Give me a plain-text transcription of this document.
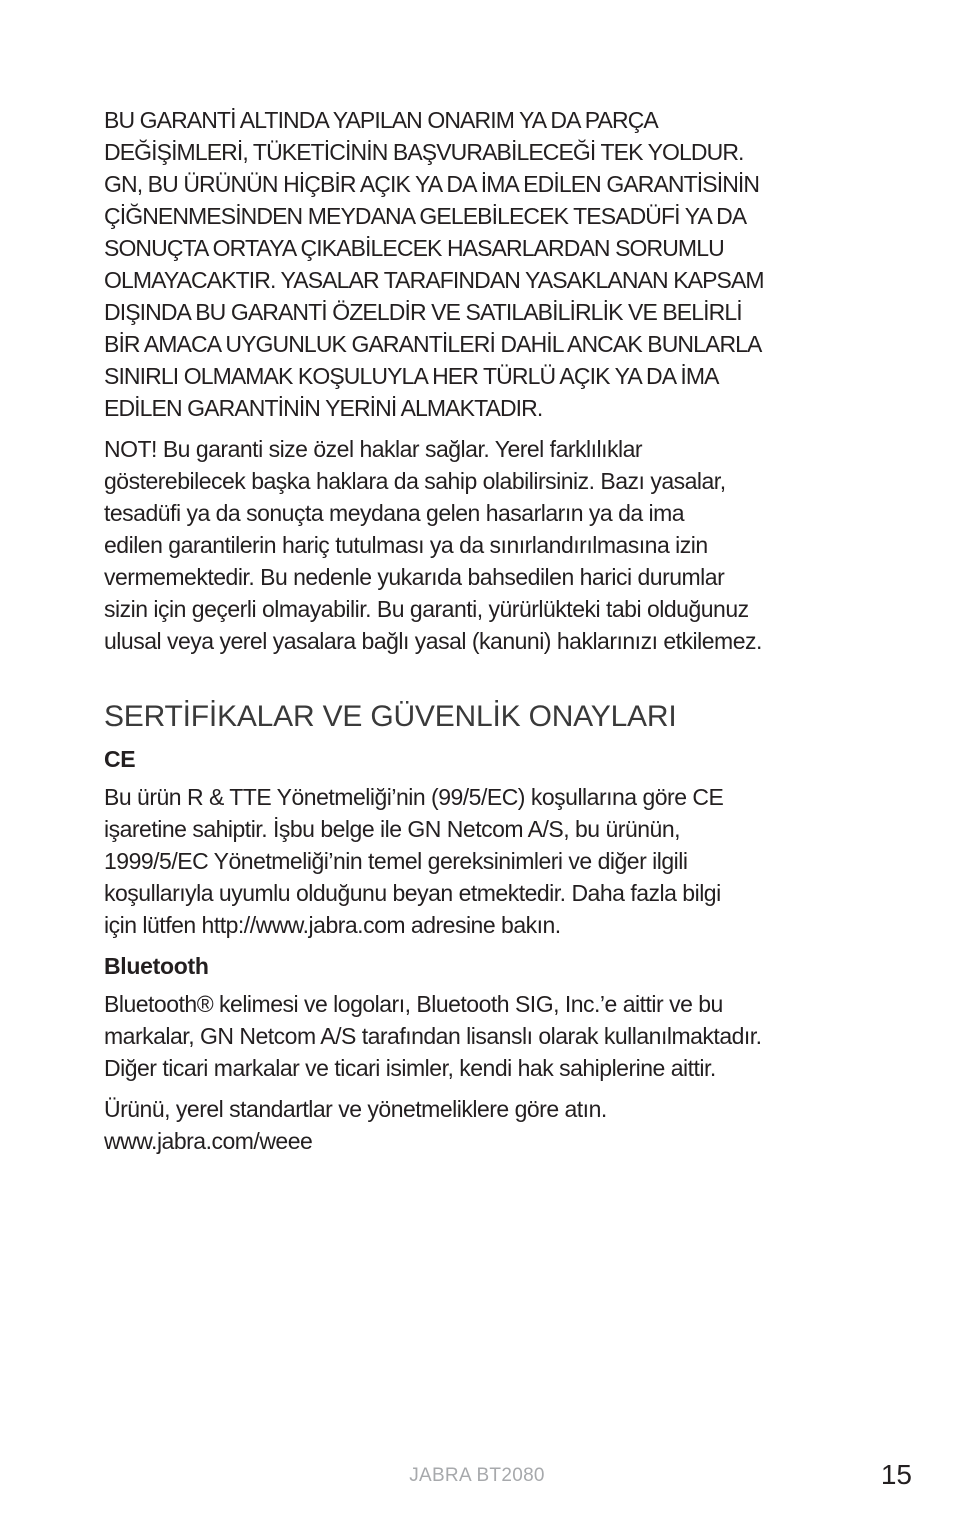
BU GARANTİ ALTINDA YAPILAN ONARIM YA DA PARÇA
DEĞİŞİMLERİ, TÜKETİCİNİN BAŞVURABİLECEĞİ TEK YOLDUR.
GN, BU ÜRÜNÜN HİÇBİR AÇIK YA DA İMA EDİLEN GARANTİSİNİN
ÇİĞNENMESİNDEN MEYDANA GELEBİLECEK TESADÜFİ YA DA
SONUÇTA ORTAYA ÇIKABİLECEK HASARLARDAN SORUMLU
OLMAYACAKTIR. YASALAR TARAFINDAN YASAKLANAN KAPSAM
DIŞINDA BU GARANTİ ÖZELDİR VE SATILABİLİRLİK VE BELİRLİ
BİR AMACA UYGUNLUK GARANTİLERİ DAHİL ANCAK BUNLARLA
SINIRLI OLMAMAK KOŞULUYLA HER TÜRLÜ AÇIK YA DA İMA
EDİLEN GARANTİNİN YERİNİ ALMAKTADIR.

NOT! Bu garanti size özel haklar sağlar. Yerel farklılıklar
gösterebilecek başka haklara da sahip olabilirsiniz. Bazı yasalar,
tesadüfi ya da sonuçta meydana gelen hasarların ya da ima
edilen garantilerin hariç tutulması ya da sınırlandırılmasına izin
vermemektedir. Bu nedenle yukarıda bahsedilen harici durumlar
sizin için geçerli olmayabilir. Bu garanti, yürürlükteki tabi olduğunuz
ulusal veya yerel yasalara bağlı yasal (kanuni) haklarınızı etkilemez.

SERTİFİKALAR VE GÜVENLİK ONAYLARI
CE

Bu ürün R & TTE Yönetmeliği’nin (99/5/EC) koşullarına göre CE
işaretine sahiptir. İşbu belge ile GN Netcom A/S, bu ürünün,
1999/5/EC Yönetmeliği’nin temel gereksinimleri ve diğer ilgili
koşullarıyla uyumlu olduğunu beyan etmektedir. Daha fazla bilgi
için lütfen http://www.jabra.com adresine bakın.

Bluetooth

Bluetooth® kelimesi ve logoları, Bluetooth SIG, Inc.’e aittir ve bu
markalar, GN Netcom A/S tarafından lisanslı olarak kullanılmaktadır.
Diğer ticari markalar ve ticari isimler, kendi hak sahiplerine aittir.

Ürünü, yerel standartlar ve yönetmeliklere göre atın.
www.jabra.com/weee

JABRA BT2080	15
